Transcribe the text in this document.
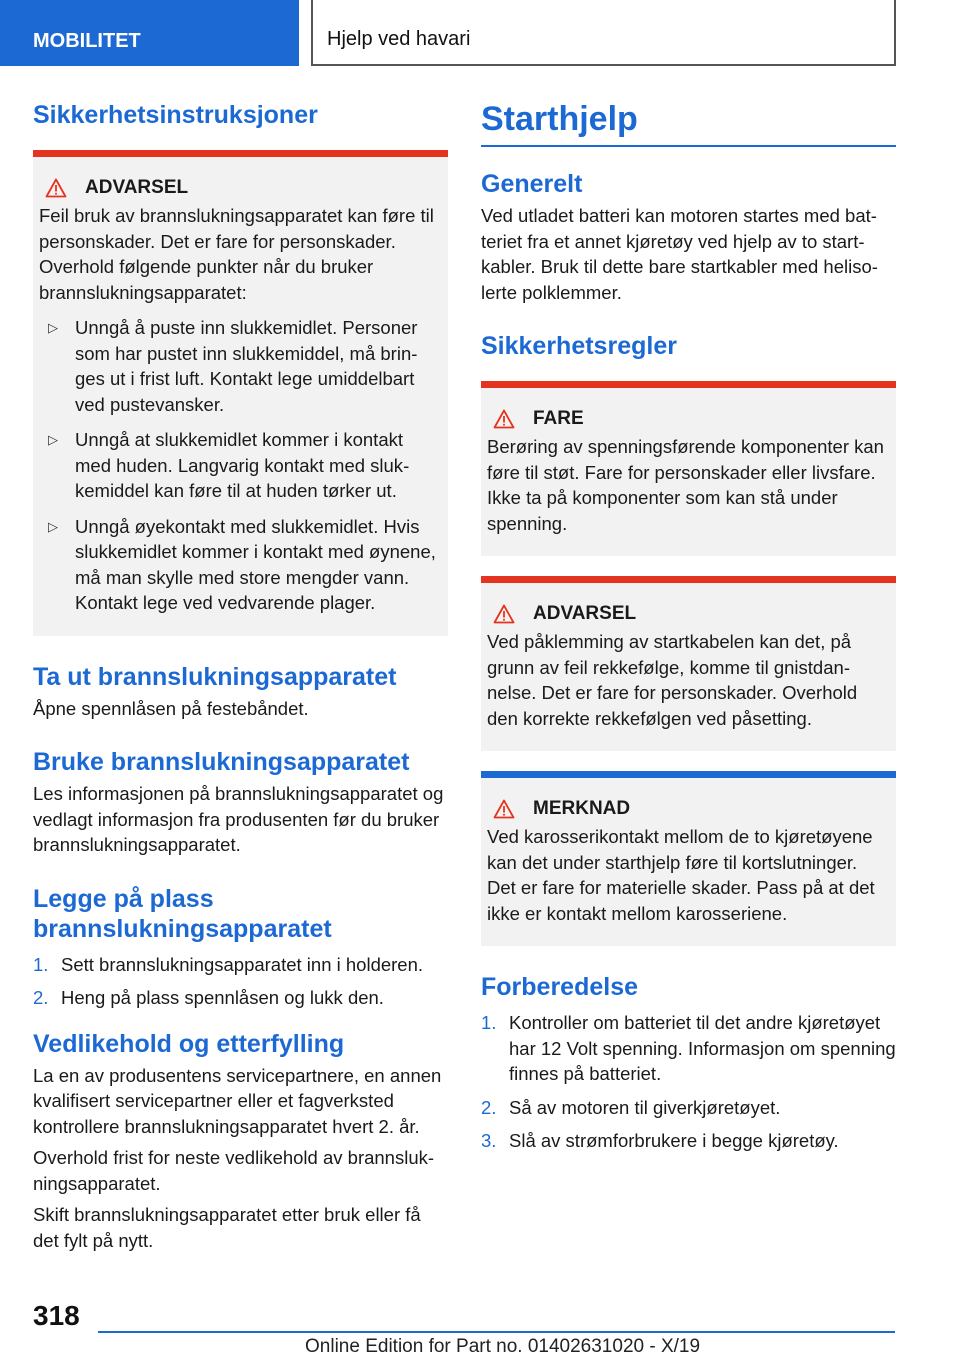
MOBILITET	Hjelp ved havari
Sikkerhetsinstruksjoner
ADVARSEL

Feil bruk av brannslukningsapparatet kan føre til personskader. Det er fare for personskader. Overhold følgende punkter når du bruker brannslukningsapparatet:

▷ Unngå å puste inn slukkemidlet. Personer som har pustet inn slukkemiddel, må bringes ut i frist luft. Kontakt lege umiddelbart ved pustevansker.
▷ Unngå at slukkemidlet kommer i kontakt med huden. Langvarig kontakt med slukkemiddel kan føre til at huden tørker ut.
▷ Unngå øyekontakt med slukkemidlet. Hvis slukkemidlet kommer i kontakt med øynene, må man skylle med store mengder vann. Kontakt lege ved vedvarende plager.
Ta ut brannslukningsapparatet

Åpne spennlåsen på festebåndet.

Bruke brannslukningsapparatet

Les informasjonen på brannslukningsapparatet og vedlagt informasjon fra produsenten før du bruker brannslukningsapparatet.

Legge på plass brannslukningsapparatet
1. Sett brannslukningsapparatet inn i holderen.
2. Heng på plass spennlåsen og lukk den.
Vedlikehold og etterfylling

La en av produsentens servicepartnere, en annen kvalifisert servicepartner eller et fagverksted kontrollere brannslukningsapparatet hvert 2. år.

Overhold frist for neste vedlikehold av brannslukningsapparatet.

Skift brannslukningsapparatet etter bruk eller få det fylt på nytt.

Starthjelp
Generelt

Ved utladet batteri kan motoren startes med batteriet fra et annet kjøretøy ved hjelp av to startkabler. Bruk til dette bare startkabler med helisolerte polklemmer.

Sikkerhetsregler
FARE

Berøring av spenningsførende komponenter kan føre til støt. Fare for personskader eller livsfare. Ikke ta på komponenter som kan stå under spenning.

ADVARSEL

Ved påklemming av startkabelen kan det, på grunn av feil rekkefølge, komme til gnistdannelse. Det er fare for personskader. Overhold den korrekte rekkefølgen ved påsetting.

MERKNAD

Ved karosserikontakt mellom de to kjøretøyene kan det under starthjelp føre til kortslutninger. Det er fare for materielle skader. Pass på at det ikke er kontakt mellom karosseriene.

Forberedelse
1. Kontroller om batteriet til det andre kjøretøyet har 12 Volt spenning. Informasjon om spenning finnes på batteriet.
2. Så av motoren til giverkjøretøyet.
3. Slå av strømforbrukere i begge kjøretøy.
318
Online Edition for Part no. 01402631020 - X/19
